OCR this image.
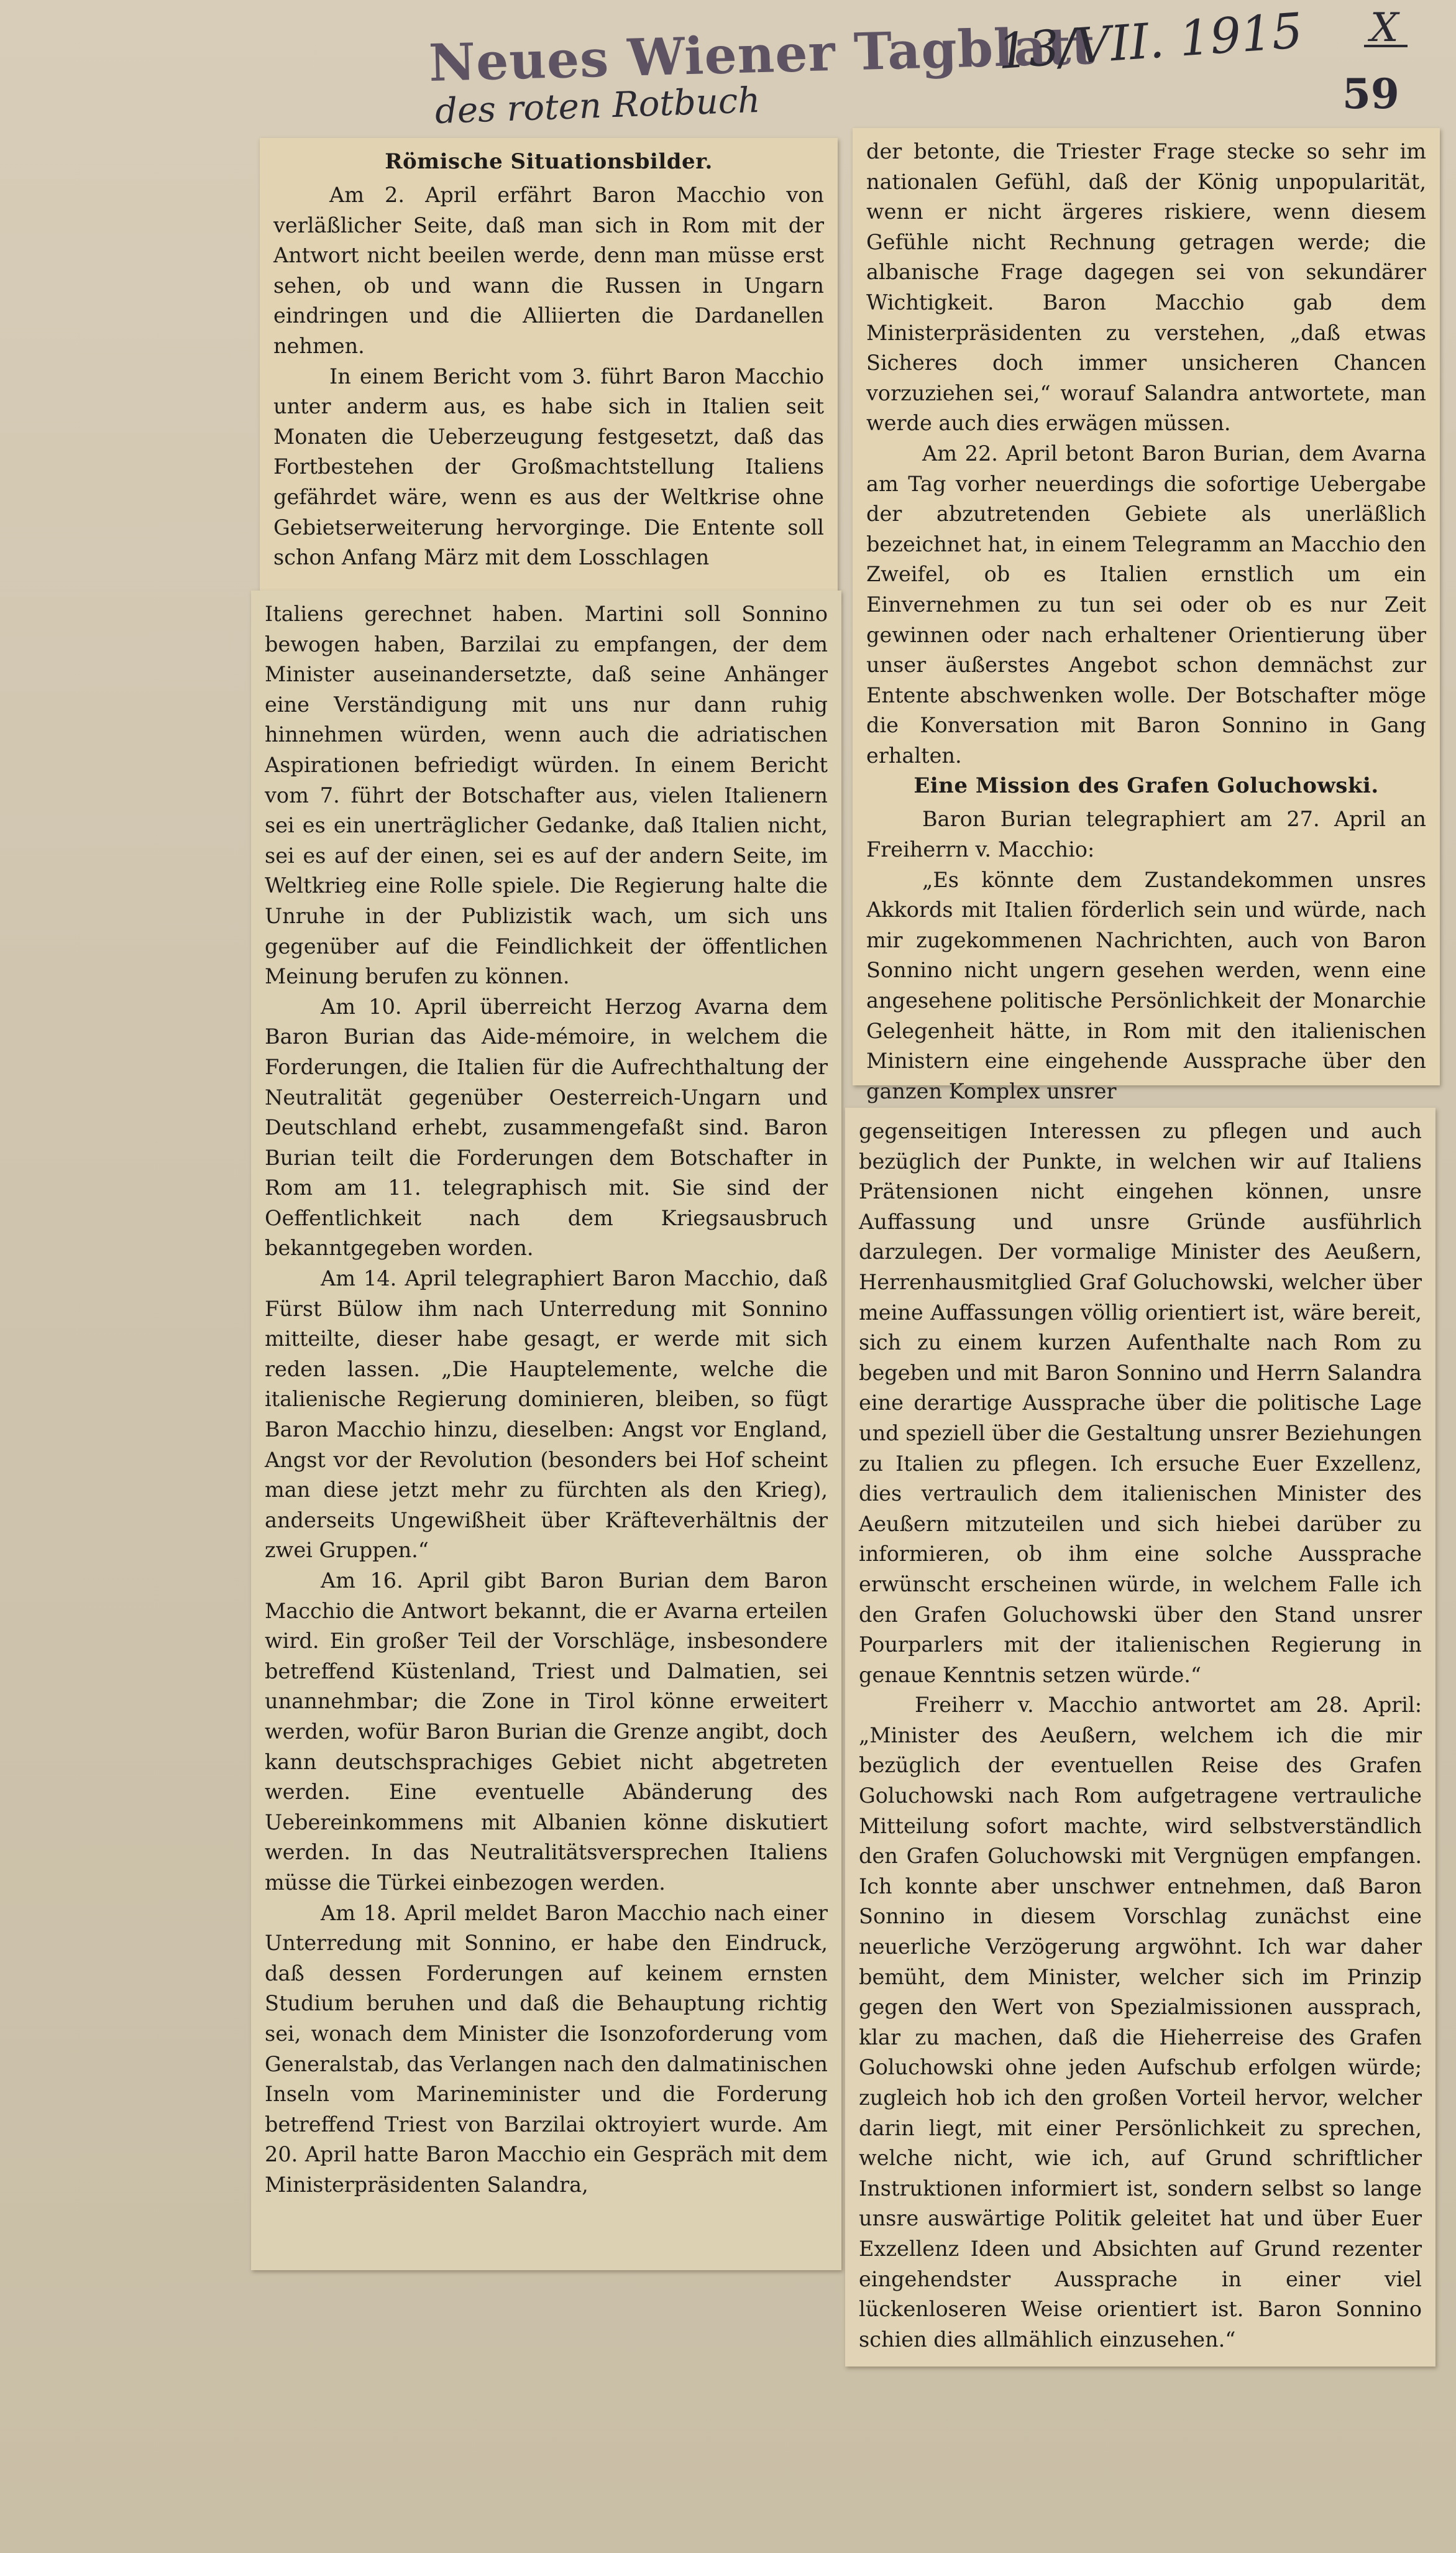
Neues Wiener Tagblatt
13/VII. 1915 X
des roten Rotbuch	59
Römische Situationsbilder.

Am 2. April erfährt Baron Macchio von verläßlicher Seite, daß man sich in Rom mit der Antwort nicht beeilen werde, denn man müsse erst sehen, ob und wann die Russen in Ungarn eindringen und die Alliierten die Dardanellen nehmen.

In einem Bericht vom 3. führt Baron Macchio unter anderm aus, es habe sich in Italien seit Monaten die Ueberzeugung festgesetzt, daß das Fortbestehen der Großmachtstellung Italiens gefährdet wäre, wenn es aus der Weltkrise ohne Gebietserweiterung hervorginge. Die Entente soll schon Anfang März mit dem Losschlagen

Italiens gerechnet haben. Martini soll Sonnino bewogen haben, Barzilai zu empfangen, der dem Minister auseinandersetzte, daß seine Anhänger eine Verständigung mit uns nur dann ruhig hinnehmen würden, wenn auch die adriatischen Aspirationen befriedigt würden. In einem Bericht vom 7. führt der Botschafter aus, vielen Italienern sei es ein unerträglicher Gedanke, daß Italien nicht, sei es auf der einen, sei es auf der andern Seite, im Weltkrieg eine Rolle spiele. Die Regierung halte die Unruhe in der Publizistik wach, um sich uns gegenüber auf die Feindlichkeit der öffentlichen Meinung berufen zu können.

Am 10. April überreicht Herzog Avarna dem Baron Burian das Aide-mémoire, in welchem die Forderungen, die Italien für die Aufrechthaltung der Neutralität gegenüber Oesterreich-Ungarn und Deutschland erhebt, zusammengefaßt sind. Baron Burian teilt die Forderungen dem Botschafter in Rom am 11. telegraphisch mit. Sie sind der Oeffentlichkeit nach dem Kriegsausbruch bekanntgegeben worden.

Am 14. April telegraphiert Baron Macchio, daß Fürst Bülow ihm nach Unterredung mit Sonnino mitteilte, dieser habe gesagt, er werde mit sich reden lassen. „Die Hauptelemente, welche die italienische Regierung dominieren, bleiben, so fügt Baron Macchio hinzu, dieselben: Angst vor England, Angst vor der Revolution (besonders bei Hof scheint man diese jetzt mehr zu fürchten als den Krieg), anderseits Ungewißheit über Kräfteverhältnis der zwei Gruppen.“

Am 16. April gibt Baron Burian dem Baron Macchio die Antwort bekannt, die er Avarna erteilen wird. Ein großer Teil der Vorschläge, insbesondere betreffend Küstenland, Triest und Dalmatien, sei unannehmbar; die Zone in Tirol könne erweitert werden, wofür Baron Burian die Grenze angibt, doch kann deutschsprachiges Gebiet nicht abgetreten werden. Eine eventuelle Abänderung des Uebereinkommens mit Albanien könne diskutiert werden. In das Neutralitätsversprechen Italiens müsse die Türkei einbezogen werden.

Am 18. April meldet Baron Macchio nach einer Unterredung mit Sonnino, er habe den Eindruck, daß dessen Forderungen auf keinem ernsten Studium beruhen und daß die Behauptung richtig sei, wonach dem Minister die Isonzoforderung vom Generalstab, das Verlangen nach den dalmatinischen Inseln vom Marineminister und die Forderung betreffend Triest von Barzilai oktroyiert wurde. Am 20. April hatte Baron Macchio ein Gespräch mit dem Ministerpräsidenten Salandra,

der betonte, die Triester Frage stecke so sehr im nationalen Gefühl, daß der König unpopularität, wenn er nicht ärgeres riskiere, wenn diesem Gefühle nicht Rechnung getragen werde; die albanische Frage dagegen sei von sekundärer Wichtigkeit. Baron Macchio gab dem Ministerpräsidenten zu verstehen, „daß etwas Sicheres doch immer unsicheren Chancen vorzuziehen sei,“ worauf Salandra antwortete, man werde auch dies erwägen müssen.

Am 22. April betont Baron Burian, dem Avarna am Tag vorher neuerdings die sofortige Uebergabe der abzutretenden Gebiete als unerläßlich bezeichnet hat, in einem Telegramm an Macchio den Zweifel, ob es Italien ernstlich um ein Einvernehmen zu tun sei oder ob es nur Zeit gewinnen oder nach erhaltener Orientierung über unser äußerstes Angebot schon demnächst zur Entente abschwenken wolle. Der Botschafter möge die Konversation mit Baron Sonnino in Gang erhalten.

Eine Mission des Grafen Goluchowski.

Baron Burian telegraphiert am 27. April an Freiherrn v. Macchio:

„Es könnte dem Zustandekommen unsres Akkords mit Italien förderlich sein und würde, nach mir zugekommenen Nachrichten, auch von Baron Sonnino nicht ungern gesehen werden, wenn eine angesehene politische Persönlichkeit der Monarchie Gelegenheit hätte, in Rom mit den italienischen Ministern eine eingehende Aussprache über den ganzen Komplex unsrer

gegenseitigen Interessen zu pflegen und auch bezüglich der Punkte, in welchen wir auf Italiens Prätensionen nicht eingehen können, unsre Auffassung und unsre Gründe ausführlich darzulegen. Der vormalige Minister des Aeußern, Herrenhausmitglied Graf Goluchowski, welcher über meine Auffassungen völlig orientiert ist, wäre bereit, sich zu einem kurzen Aufenthalte nach Rom zu begeben und mit Baron Sonnino und Herrn Salandra eine derartige Aussprache über die politische Lage und speziell über die Gestaltung unsrer Beziehungen zu Italien zu pflegen. Ich ersuche Euer Exzellenz, dies vertraulich dem italienischen Minister des Aeußern mitzuteilen und sich hiebei darüber zu informieren, ob ihm eine solche Aussprache erwünscht erscheinen würde, in welchem Falle ich den Grafen Goluchowski über den Stand unsrer Pourparlers mit der italienischen Regierung in genaue Kenntnis setzen würde.“

Freiherr v. Macchio antwortet am 28. April: „Minister des Aeußern, welchem ich die mir bezüglich der eventuellen Reise des Grafen Goluchowski nach Rom aufgetragene vertrauliche Mitteilung sofort machte, wird selbstverständlich den Grafen Goluchowski mit Vergnügen empfangen. Ich konnte aber unschwer entnehmen, daß Baron Sonnino in diesem Vorschlag zunächst eine neuerliche Verzögerung argwöhnt. Ich war daher bemüht, dem Minister, welcher sich im Prinzip gegen den Wert von Spezialmissionen aussprach, klar zu machen, daß die Hieherreise des Grafen Goluchowski ohne jeden Aufschub erfolgen würde; zugleich hob ich den großen Vorteil hervor, welcher darin liegt, mit einer Persönlichkeit zu sprechen, welche nicht, wie ich, auf Grund schriftlicher Instruktionen informiert ist, sondern selbst so lange unsre auswärtige Politik geleitet hat und über Euer Exzellenz Ideen und Absichten auf Grund rezenter eingehendster Aussprache in einer viel lückenloseren Weise orientiert ist. Baron Sonnino schien dies allmählich einzusehen.“
